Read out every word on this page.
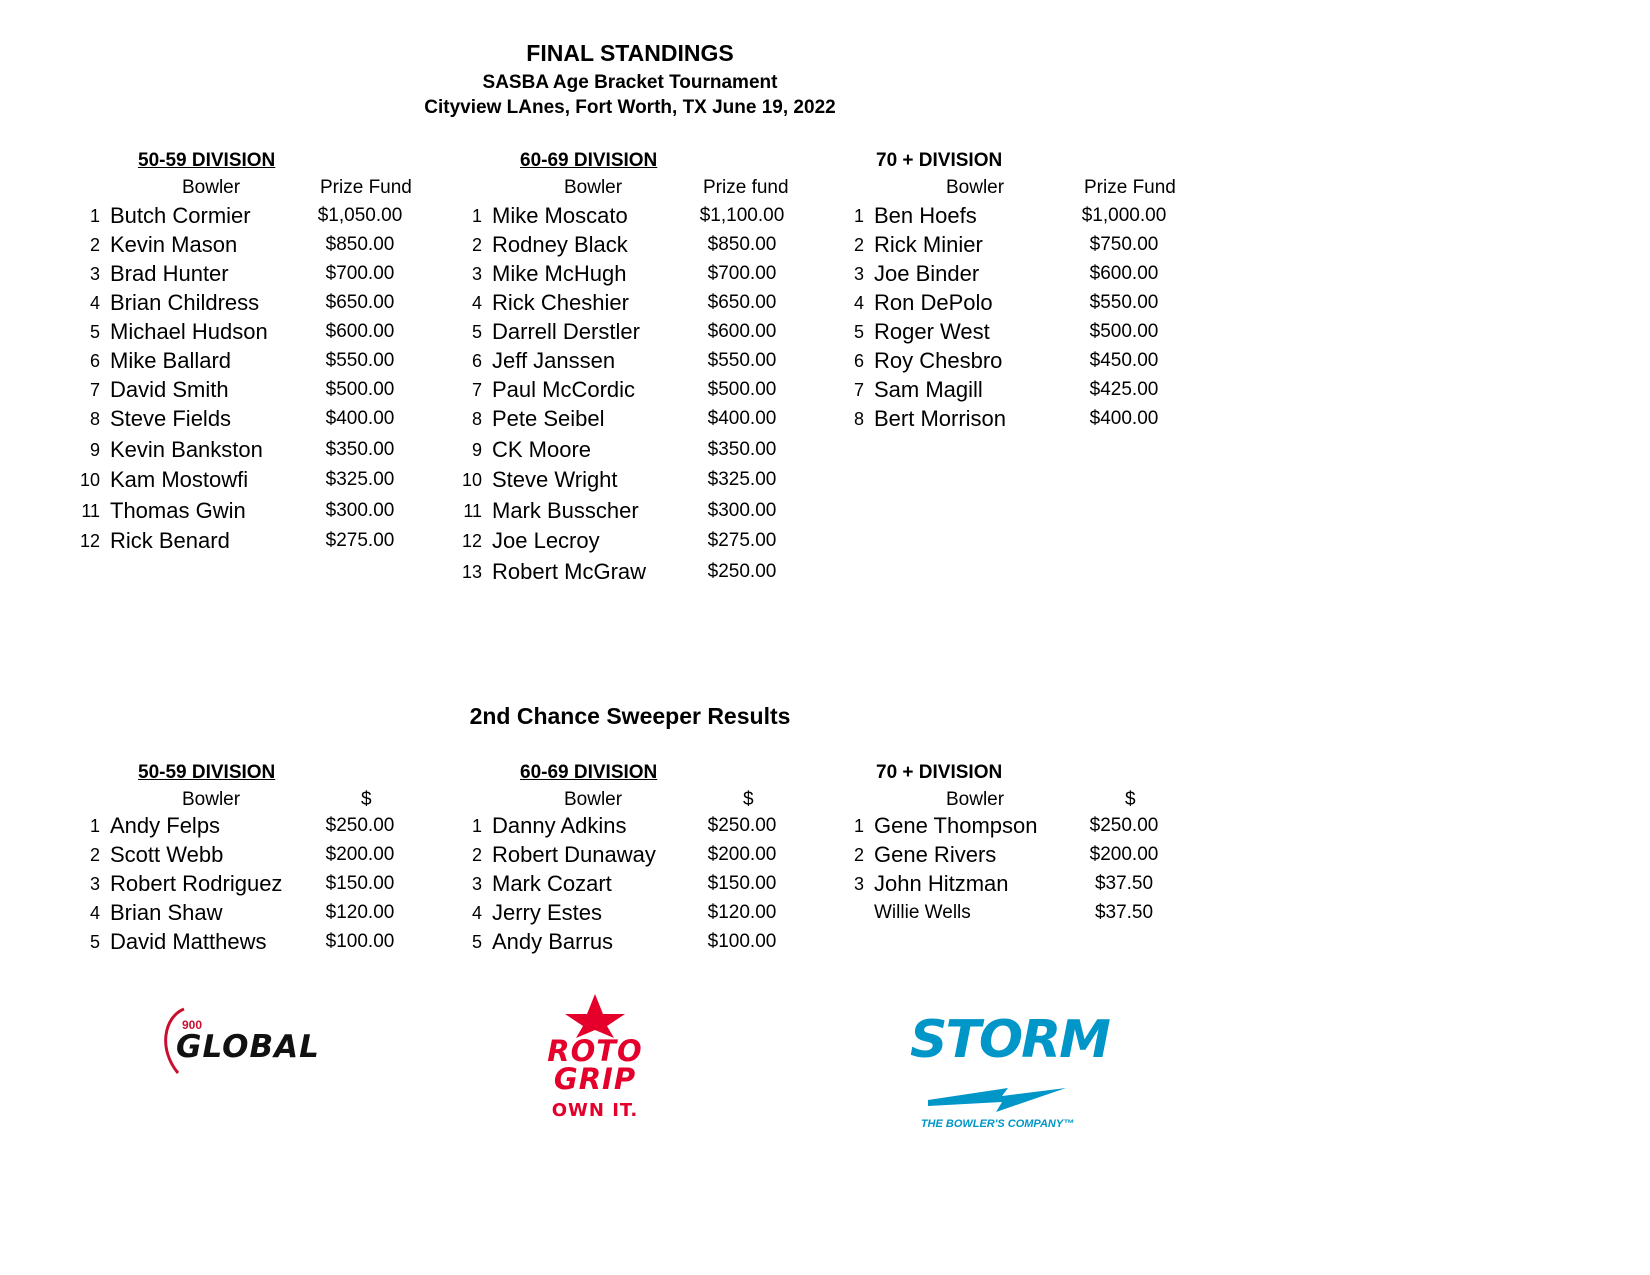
FINAL STANDINGS
SASBA Age Bracket Tournament
Cityview LAnes, Fort Worth, TX June 19, 2022
50-59 DIVISION
Bowler	Prize Fund
1 Butch Cormier	$1,050.00
2 Kevin Mason	$850.00
3 Brad Hunter	$700.00
4 Brian Childress	$650.00
5 Michael Hudson	$600.00
6 Mike Ballard	$550.00
7 David Smith	$500.00
8 Steve Fields	$400.00
9 Kevin Bankston	$350.00
10 Kam Mostowfi	$325.00
11 Thomas Gwin	$300.00
12 Rick Benard	$275.00
60-69 DIVISION
Bowler	Prize fund
1 Mike Moscato	$1,100.00
2 Rodney Black	$850.00
3 Mike McHugh	$700.00
4 Rick Cheshier	$650.00
5 Darrell Derstler	$600.00
6 Jeff Janssen	$550.00
7 Paul McCordic	$500.00
8 Pete Seibel	$400.00
9 CK Moore	$350.00
10 Steve Wright	$325.00
11 Mark Busscher	$300.00
12 Joe Lecroy	$275.00
13 Robert McGraw	$250.00
70 + DIVISION
Bowler	Prize Fund
1 Ben Hoefs	$1,000.00
2 Rick Minier	$750.00
3 Joe Binder	$600.00
4 Ron DePolo	$550.00
5 Roger West	$500.00
6 Roy Chesbro	$450.00
7 Sam Magill	$425.00
8 Bert Morrison	$400.00
2nd Chance Sweeper Results
50-59 DIVISION
Bowler	$
1 Andy Felps	$250.00
2 Scott Webb	$200.00
3 Robert Rodriguez	$150.00
4 Brian Shaw	$120.00
5 David Matthews	$100.00
60-69 DIVISION
Bowler	$
1 Danny Adkins	$250.00
2 Robert Dunaway	$200.00
3 Mark Cozart	$150.00
4 Jerry Estes	$120.00
5 Andy Barrus	$100.00
70 + DIVISION
Bowler	$
1 Gene Thompson	$250.00
2 Gene Rivers	$200.00
3 John Hitzman	$37.50
Willie Wells	$37.50
900
GLOBAL	ROTO
GRIP
OWN IT.
STORM
THE BOWLER'S COMPANY™
